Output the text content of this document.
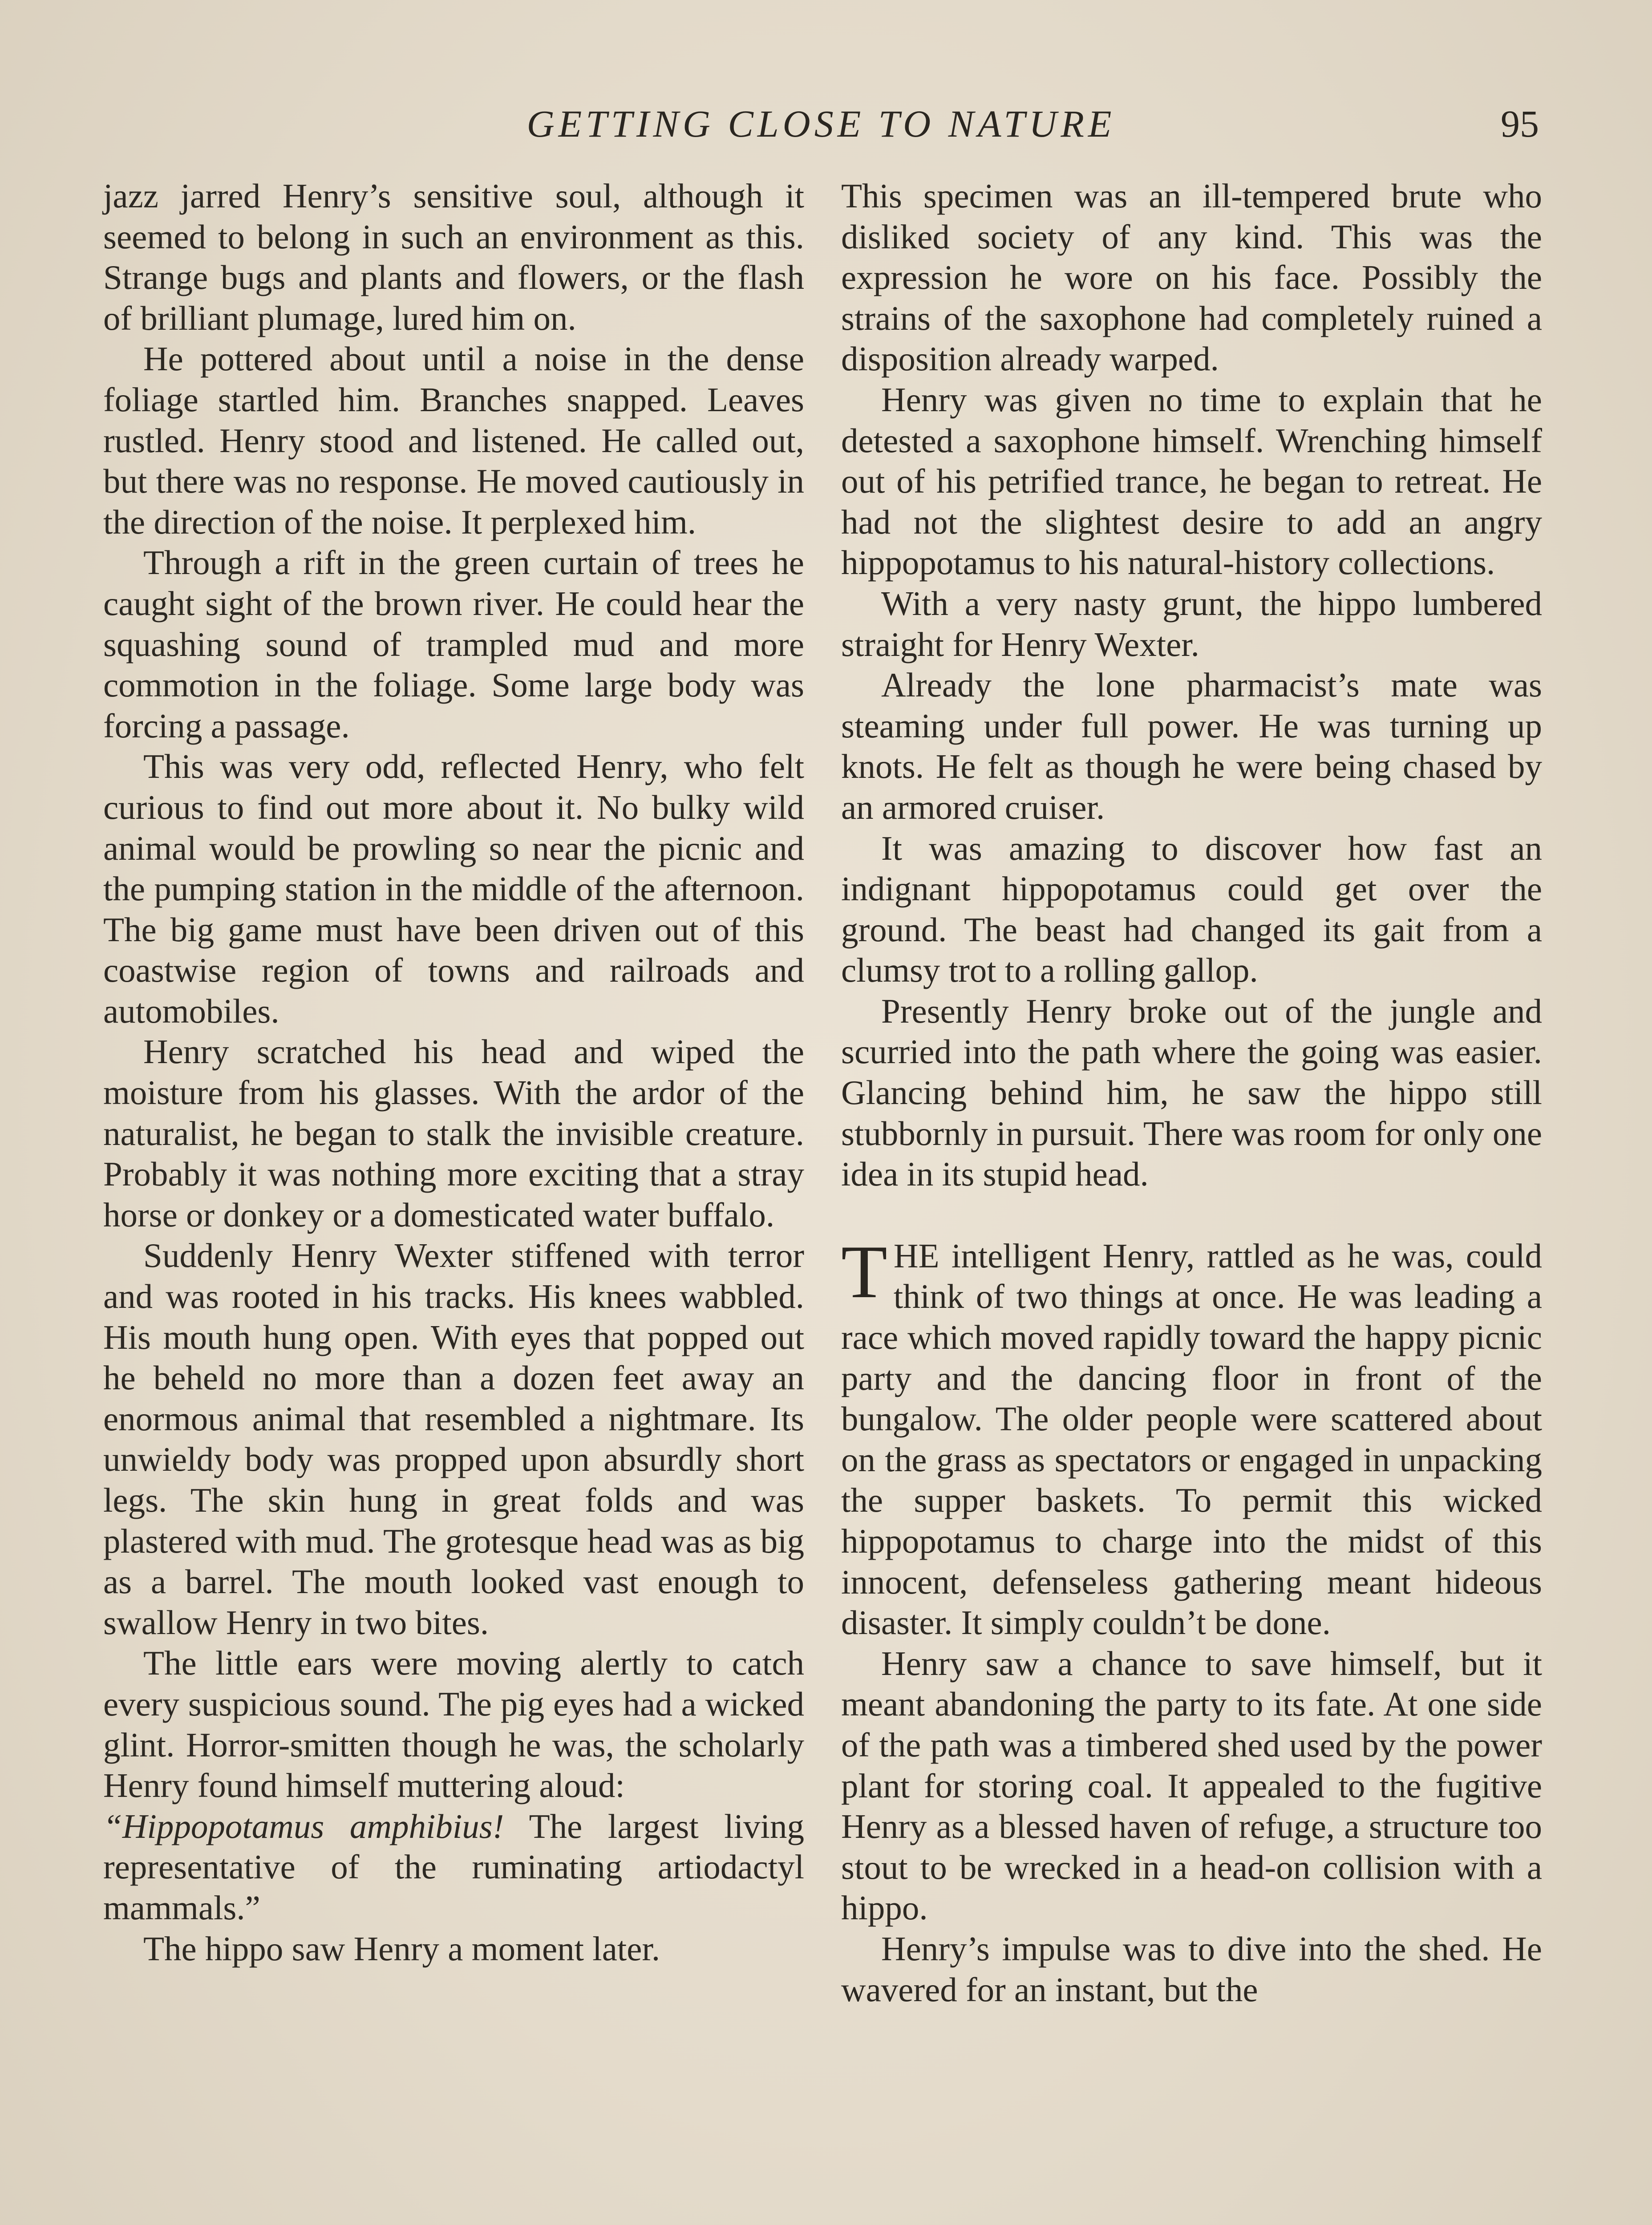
GETTING CLOSE TO NATURE	95

jazz jarred Henry’s sensitive soul, although it seemed to belong in such an environment as this. Strange bugs and plants and flowers, or the flash of brilliant plumage, lured him on.

He pottered about until a noise in the dense foliage startled him. Branches snapped. Leaves rustled. Henry stood and listened. He called out, but there was no response. He moved cautiously in the direction of the noise. It perplexed him.

Through a rift in the green curtain of trees he caught sight of the brown river. He could hear the squashing sound of trampled mud and more commotion in the foliage. Some large body was forcing a passage.

This was very odd, reflected Henry, who felt curious to find out more about it. No bulky wild animal would be prowling so near the picnic and the pumping station in the middle of the afternoon. The big game must have been driven out of this coastwise region of towns and railroads and automobiles.

Henry scratched his head and wiped the moisture from his glasses. With the ardor of the naturalist, he began to stalk the invisible creature. Probably it was nothing more exciting that a stray horse or donkey or a domesticated water buffalo.

Suddenly Henry Wexter stiffened with terror and was rooted in his tracks. His knees wabbled. His mouth hung open. With eyes that popped out he beheld no more than a dozen feet away an enormous animal that resembled a nightmare. Its unwieldy body was propped upon absurdly short legs. The skin hung in great folds and was plastered with mud. The grotesque head was as big as a barrel. The mouth looked vast enough to swallow Henry in two bites.

The little ears were moving alertly to catch every suspicious sound. The pig eyes had a wicked glint. Horror-smitten though he was, the scholarly Henry found himself muttering aloud:

“Hippopotamus amphibius! The largest living representative of the ruminating artiodactyl mammals.”

The hippo saw Henry a moment later.

This specimen was an ill-tempered brute who disliked society of any kind. This was the expression he wore on his face. Possibly the strains of the saxophone had completely ruined a disposition already warped.

Henry was given no time to explain that he detested a saxophone himself. Wrenching himself out of his petrified trance, he began to retreat. He had not the slightest desire to add an angry hippopotamus to his natural-history collections.

With a very nasty grunt, the hippo lumbered straight for Henry Wexter.

Already the lone pharmacist’s mate was steaming under full power. He was turning up knots. He felt as though he were being chased by an armored cruiser.

It was amazing to discover how fast an indignant hippopotamus could get over the ground. The beast had changed its gait from a clumsy trot to a rolling gallop.

Presently Henry broke out of the jungle and scurried into the path where the going was easier. Glancing behind him, he saw the hippo still stubbornly in pursuit. There was room for only one idea in its stupid head.

THE intelligent Henry, rattled as he was, could think of two things at once. He was leading a race which moved rapidly toward the happy picnic party and the dancing floor in front of the bungalow. The older people were scattered about on the grass as spectators or engaged in unpacking the supper baskets. To permit this wicked hippopotamus to charge into the midst of this innocent, defenseless gathering meant hideous disaster. It simply couldn’t be done.

Henry saw a chance to save himself, but it meant abandoning the party to its fate. At one side of the path was a timbered shed used by the power plant for storing coal. It appealed to the fugitive Henry as a blessed haven of refuge, a structure too stout to be wrecked in a head-on collision with a hippo.

Henry’s impulse was to dive into the shed. He wavered for an instant, but the
